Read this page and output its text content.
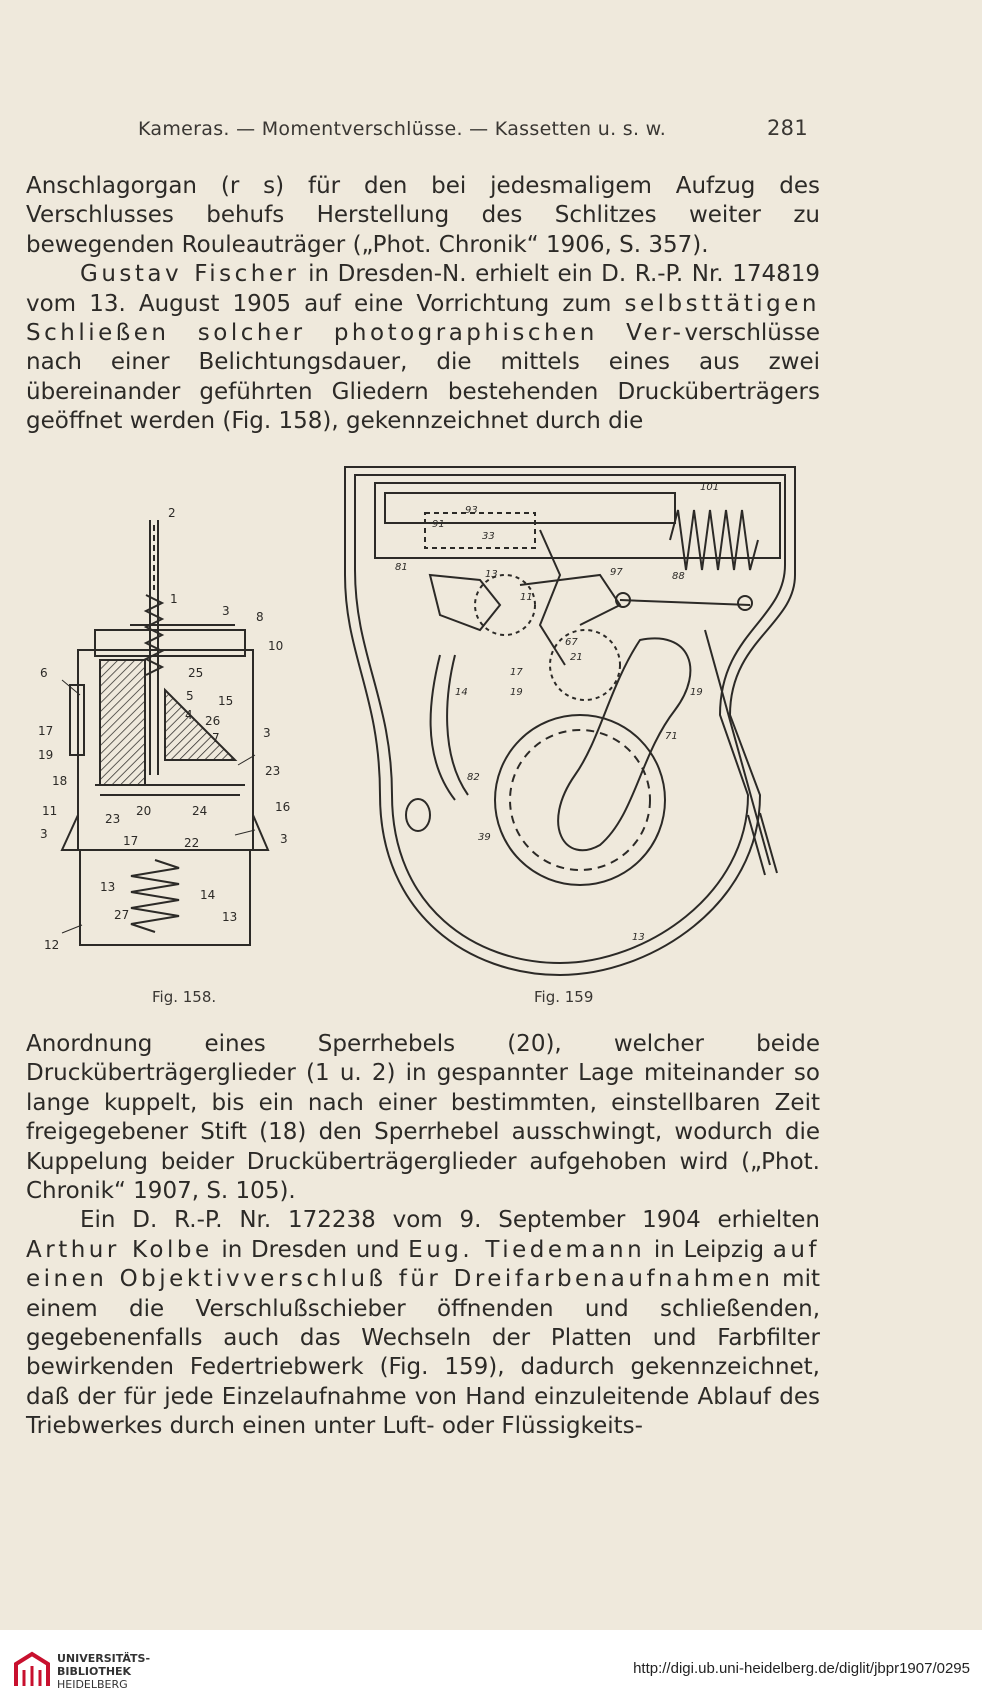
Kameras. — Momentverschlüsse. — Kassetten u. s. w.	281

Anschlagorgan (r s) für den bei jedesmaligem Aufzug des Verschlusses behufs Herstellung des Schlitzes weiter zu bewegenden Rouleauträger („Phot. Chronik“ 1906, S. 357).

Gustav Fischer in Dresden-N. erhielt ein D. R.-P. Nr. 174819 vom 13. August 1905 auf eine Vorrichtung zum selbsttätigen Schließen solcher photographischen Ver-verschlüsse nach einer Belichtungsdauer, die mittels eines aus zwei übereinander geführten Gliedern bestehenden Drucküberträgers geöffnet werden (Fig. 158), gekennzeichnet durch die

2
1
3 8
10
6	25
5 15
26
4
7	3
17
19
18
23
11
23
20	24	16
3	17	22	3
13
14
13
27
12
101
93
91
33
81	97	88
13
11
67
19
21
17
14	19
71
82
39
13
Fig. 158.	Fig. 159

Anordnung eines Sperrhebels (20), welcher beide Drucküberträgerglieder (1 u. 2) in gespannter Lage miteinander so lange kuppelt, bis ein nach einer bestimmten, einstellbaren Zeit freigegebener Stift (18) den Sperrhebel ausschwingt, wodurch die Kuppelung beider Drucküberträgerglieder aufgehoben wird („Phot. Chronik“ 1907, S. 105).

Ein D. R.-P. Nr. 172238 vom 9. September 1904 erhielten Arthur Kolbe in Dresden und Eug. Tiedemann in Leipzig auf einen Objektivverschluß für Dreifarbenaufnahmen mit einem die Verschlußschieber öffnenden und schließenden, gegebenenfalls auch das Wechseln der Platten und Farbfilter bewirkenden Federtriebwerk (Fig. 159), dadurch gekennzeichnet, daß der für jede Einzelaufnahme von Hand einzuleitende Ablauf des Triebwerkes durch einen unter Luft- oder Flüssigkeits-

UNIVERSITÄTS-
BIBLIOTHEK
HEIDELBERG
http://digi.ub.uni-heidelberg.de/diglit/jbpr1907/0295
